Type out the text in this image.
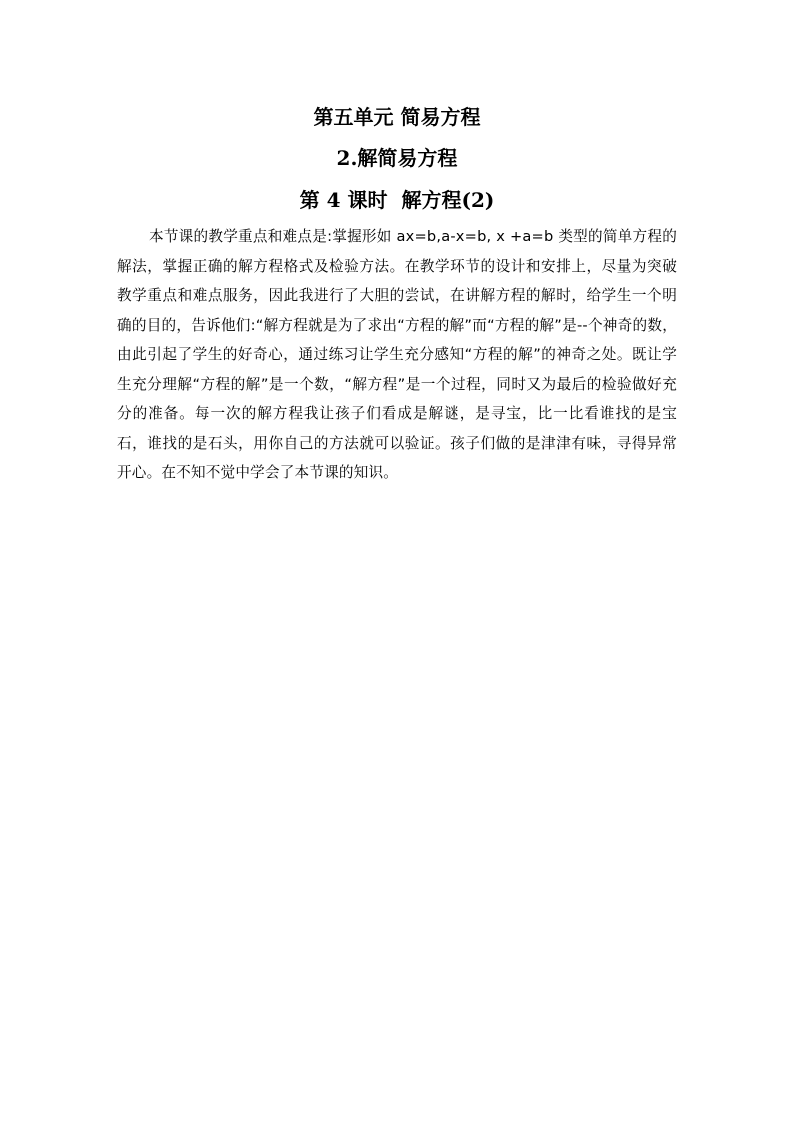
第五单元 简易方程
2.解简易方程
第 4 课时 解方程(2)

本节课的教学重点和难点是:掌握形如 ax=b,a-x=b, x +a=b 类型的简单方程的解法，掌握正确的解方程格式及检验方法。在教学环节的设计和安排上，尽量为突破教学重点和难点服务，因此我进行了大胆的尝试，在讲解方程的解时，给学生一个明确的目的，告诉他们:“解方程就是为了求出“方程的解”而“方程的解”是--个神奇的数，由此引起了学生的好奇心，通过练习让学生充分感知“方程的解”的神奇之处。既让学生充分理解“方程的解”是一个数，“解方程”是一个过程，同时又为最后的检验做好充分的准备。每一次的解方程我让孩子们看成是解谜，是寻宝，比一比看谁找的是宝石，谁找的是石头，用你自己的方法就可以验证。孩子们做的是津津有味，寻得异常开心。在不知不觉中学会了本节课的知识。
